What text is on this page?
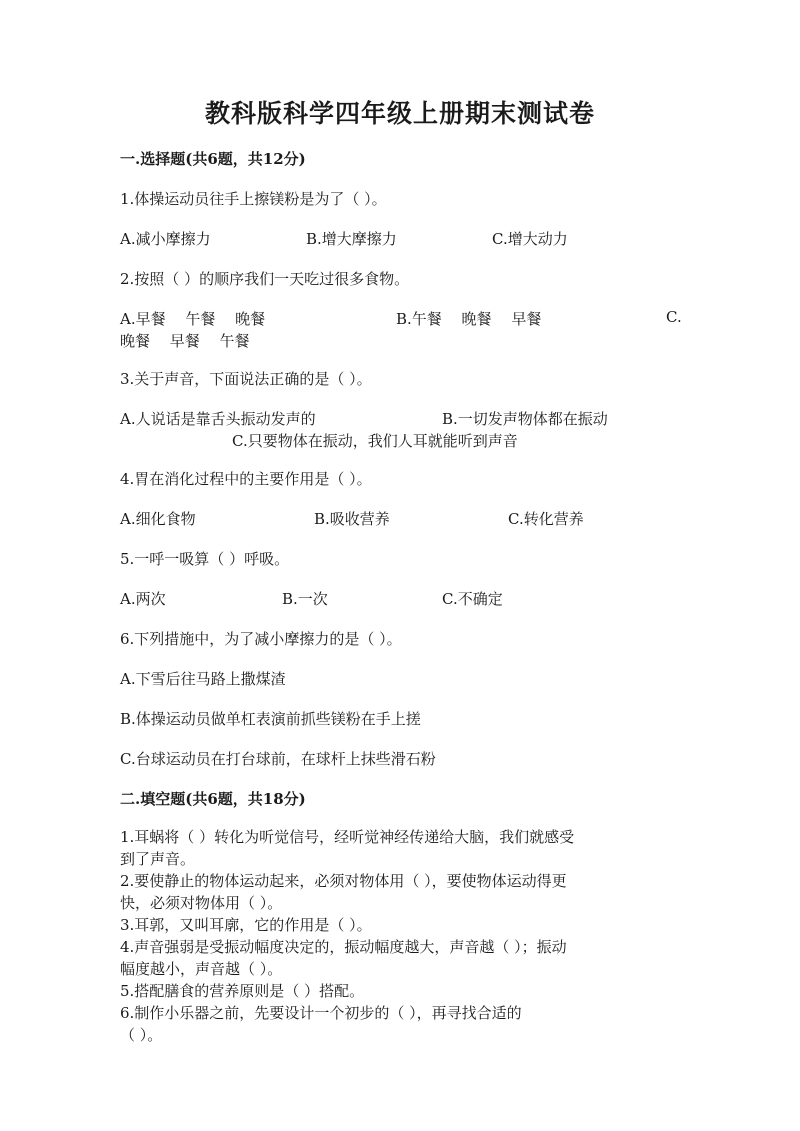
教科版科学四年级上册期末测试卷
一.选择题(共6题，共12分)
1.体操运动员往手上擦镁粉是为了（ ）。
A.减小摩擦力	B.增大摩擦力	C.增大动力
2.按照（ ）的顺序我们一天吃过很多食物。
A.早餐　 午餐　 晚餐	B.午餐　 晚餐　 早餐	C.
晚餐　 早餐　 午餐
3.关于声音，下面说法正确的是（ ）。
A.人说话是靠舌头振动发声的	B.一切发声物体都在振动
C.只要物体在振动，我们人耳就能听到声音
4.胃在消化过程中的主要作用是（ ）。
A.细化食物	B.吸收营养	C.转化营养
5.一呼一吸算（ ）呼吸。
A.两次	B.一次	C.不确定
6.下列措施中，为了减小摩擦力的是（ ）。
A.下雪后往马路上撒煤渣
B.体操运动员做单杠表演前抓些镁粉在手上搓
C.台球运动员在打台球前，在球杆上抹些滑石粉
二.填空题(共6题，共18分)
1.耳蜗将（ ）转化为听觉信号，经听觉神经传递给大脑，我们就感受
到了声音。
2.要使静止的物体运动起来，必须对物体用（ ），要使物体运动得更
快，必须对物体用（ ）。
3.耳郭，又叫耳廓，它的作用是（ ）。
4.声音强弱是受振动幅度决定的，振动幅度越大，声音越（ ）；振动
幅度越小，声音越（ ）。
5.搭配膳食的营养原则是（ ）搭配。
6.制作小乐器之前，先要设计一个初步的（ ），再寻找合适的
（ ）。
